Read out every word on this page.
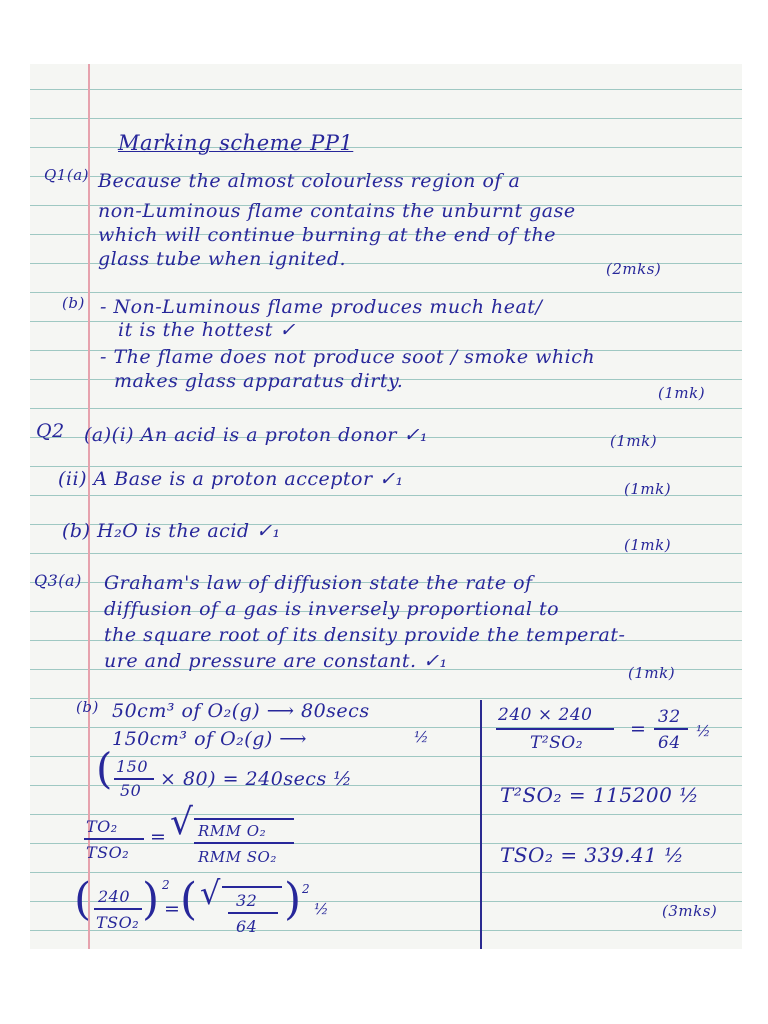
Marking scheme PP1
Q1(a) Because the almost colourless region of a
non-Luminous flame contains the unburnt gase
which will continue burning at the end of the
glass tube when ignited.	(2mks)
(b) - Non-Luminous flame produces much heat/
it is the hottest ✓
- The flame does not produce soot / smoke which
makes glass apparatus dirty.
(1mk)
Q2 (a)(i) An acid is a proton donor ✓₁	(1mk)
(ii) A Base is a proton acceptor ✓₁	(1mk)
(b) H₂O is the acid ✓₁
(1mk)
Q3(a) Graham's law of diffusion state the rate of
diffusion of a gas is inversely proportional to
the square root of its density provide the temperat-
ure and pressure are constant. ✓₁
(1mk)
(b) 50cm³ of O₂(g) ⟶ 80secs
½
150cm³ of O₂(g) ⟶
( 150
50
× 80) = 240secs ½
TO₂
TSO₂
= √ RMM O₂
RMM SO₂
( 240
TSO₂ ) 2
= ( √ 32
64
) 2
½
240 × 240
T²SO₂
=
32
64
½
T²SO₂ = 115200 ½
TSO₂ = 339.41 ½
(3mks)
